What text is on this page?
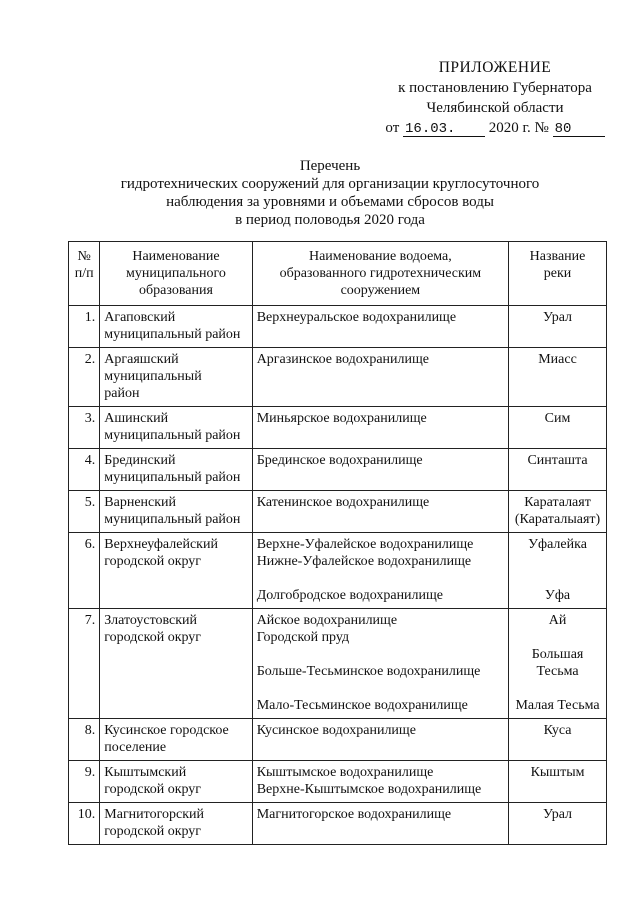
ПРИЛОЖЕНИЕ
к постановлению Губернатора
Челябинской области
от 16.03. 2020 г. № 80
Перечень
гидротехнических сооружений для организации круглосуточного
наблюдения за уровнями и объемами сбросов воды
в период половодья 2020 года
№
п/п	Наименование
муниципального
образования	Наименование водоема,
образованного гидротехническим
сооружением	Название
реки

1.	Агаповский
муниципальный район	Верхнеуральское водохранилище	Урал

2.	Аргаяшский
муниципальный
район	Аргазинское водохранилище	Миасс

3.	Ашинский
муниципальный район	Миньярское водохранилище	Сим

4.	Брединский
муниципальный район	Брединское водохранилище	Синташта

5.	Варненский
муниципальный район	Катенинское водохранилище	Караталаят
(Караталыаят)

6.	Верхнеуфалейский
городской округ	Верхне-Уфалейское водохранилище
Нижне-Уфалейское водохранилище
Долгобродское водохранилище	Уфалейка
Уфа

7.	Златоустовский
городской округ	Айское водохранилище
Городской пруд
Больше-Тесьминское водохранилище
Мало-Тесьминское водохранилище	Ай
Большая
Тесьма
Малая Тесьма

8.	Кусинское городское
поселение	Кусинское водохранилище	Куса

9.	Кыштымский
городской округ	Кыштымское водохранилище
Верхне-Кыштымское водохранилище	Кыштым

10.	Магнитогорский
городской округ	Магнитогорское водохранилище	Урал
